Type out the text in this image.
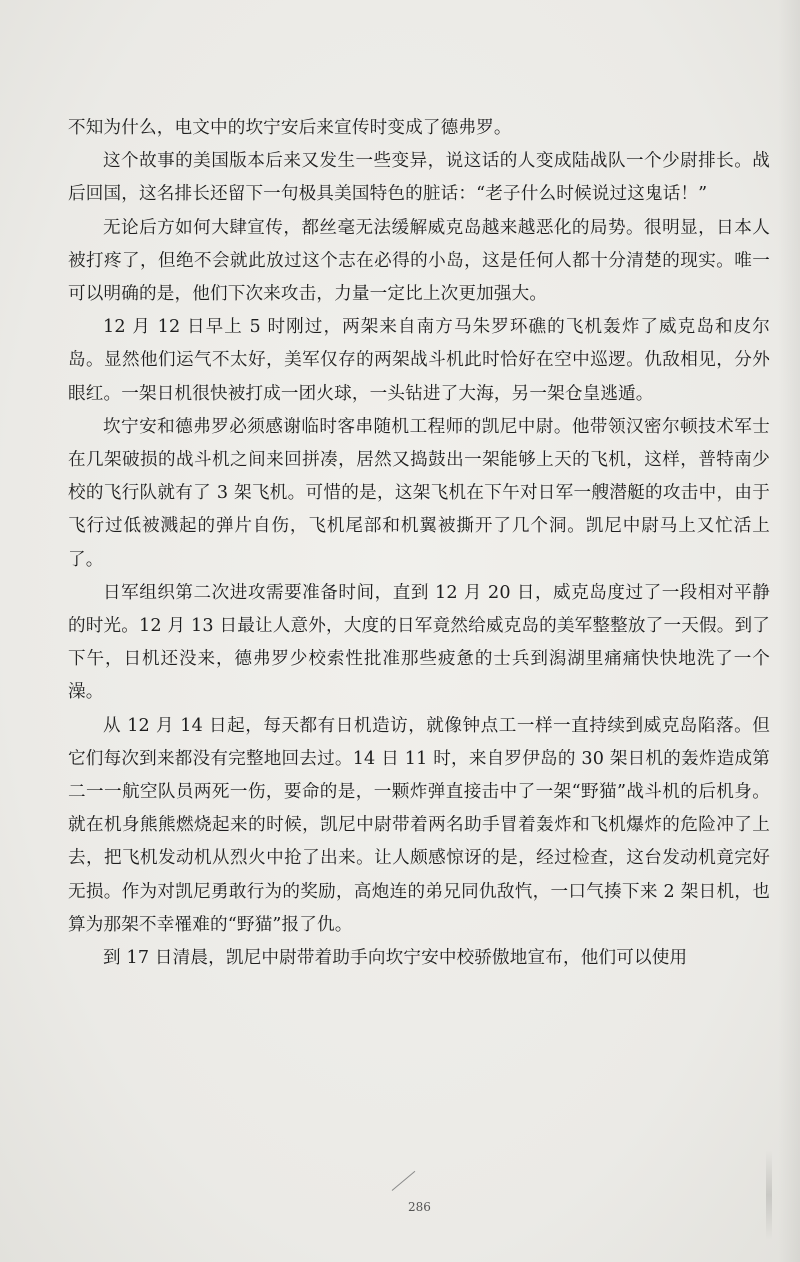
不知为什么，电文中的坎宁安后来宣传时变成了德弗罗。

这个故事的美国版本后来又发生一些变异，说这话的人变成陆战队一个少尉排长。战后回国，这名排长还留下一句极具美国特色的脏话：“老子什么时候说过这鬼话！”

无论后方如何大肆宣传，都丝毫无法缓解威克岛越来越恶化的局势。很明显，日本人被打疼了，但绝不会就此放过这个志在必得的小岛，这是任何人都十分清楚的现实。唯一可以明确的是，他们下次来攻击，力量一定比上次更加强大。

12 月 12 日早上 5 时刚过，两架来自南方马朱罗环礁的飞机轰炸了威克岛和皮尔岛。显然他们运气不太好，美军仅存的两架战斗机此时恰好在空中巡逻。仇敌相见，分外眼红。一架日机很快被打成一团火球，一头钻进了大海，另一架仓皇逃遁。

坎宁安和德弗罗必须感谢临时客串随机工程师的凯尼中尉。他带领汉密尔顿技术军士在几架破损的战斗机之间来回拼凑，居然又捣鼓出一架能够上天的飞机，这样，普特南少校的飞行队就有了 3 架飞机。可惜的是，这架飞机在下午对日军一艘潜艇的攻击中，由于飞行过低被溅起的弹片自伤，飞机尾部和机翼被撕开了几个洞。凯尼中尉马上又忙活上了。

日军组织第二次进攻需要准备时间，直到 12 月 20 日，威克岛度过了一段相对平静的时光。12 月 13 日最让人意外，大度的日军竟然给威克岛的美军整整放了一天假。到了下午，日机还没来，德弗罗少校索性批准那些疲惫的士兵到潟湖里痛痛快快地洗了一个澡。

从 12 月 14 日起，每天都有日机造访，就像钟点工一样一直持续到威克岛陷落。但它们每次到来都没有完整地回去过。14 日 11 时，来自罗伊岛的 30 架日机的轰炸造成第二一一航空队员两死一伤，要命的是，一颗炸弹直接击中了一架“野猫”战斗机的后机身。就在机身熊熊燃烧起来的时候，凯尼中尉带着两名助手冒着轰炸和飞机爆炸的危险冲了上去，把飞机发动机从烈火中抢了出来。让人颇感惊讶的是，经过检查，这台发动机竟完好无损。作为对凯尼勇敢行为的奖励，高炮连的弟兄同仇敌忾，一口气揍下来 2 架日机，也算为那架不幸罹难的“野猫”报了仇。

到 17 日清晨，凯尼中尉带着助手向坎宁安中校骄傲地宣布，他们可以使用

286
